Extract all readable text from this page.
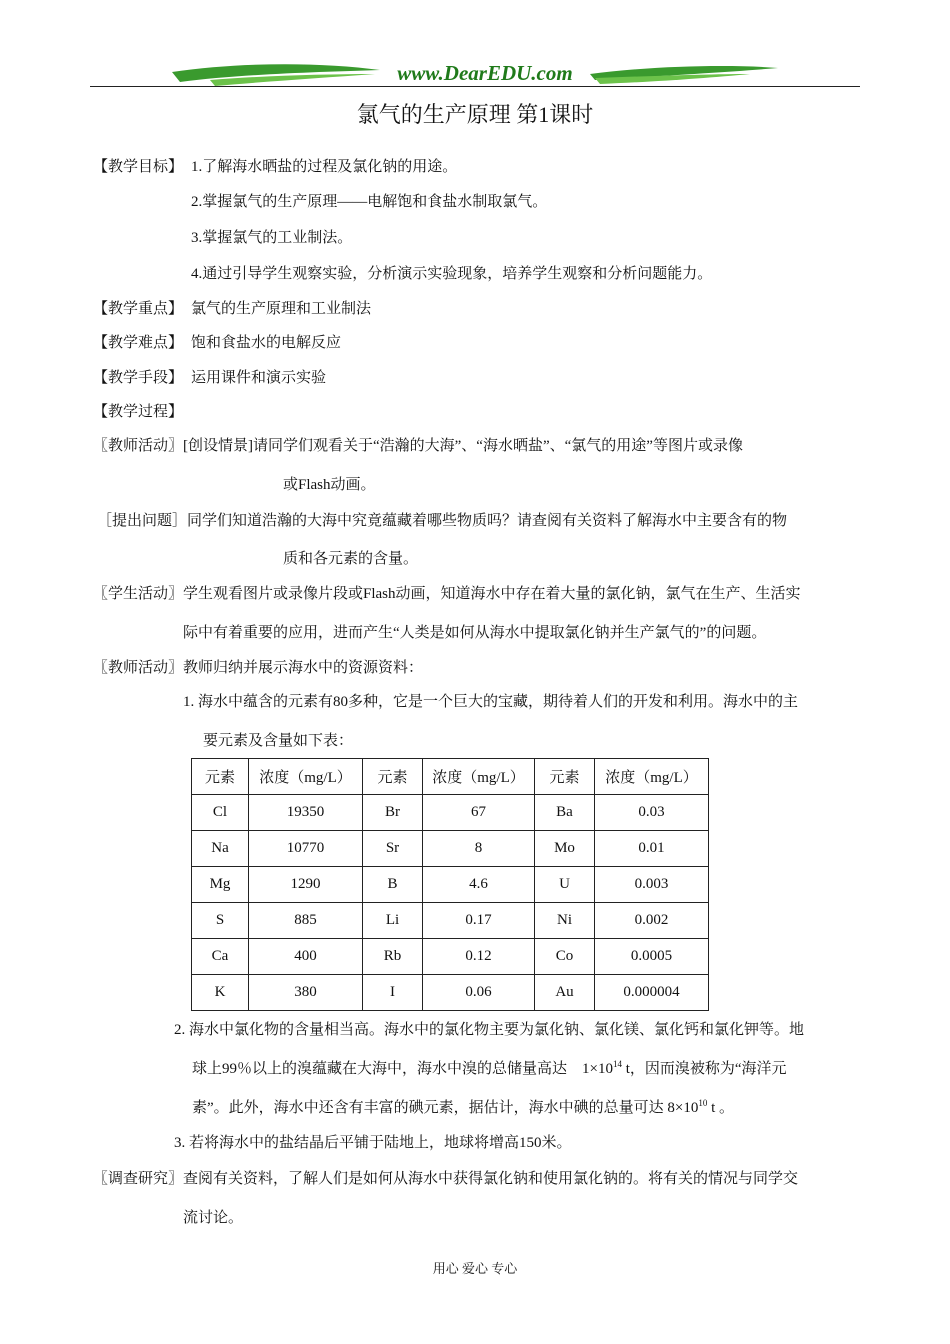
www.DearEDU.com
氯气的生产原理 第1课时
【教学目标】 1.了解海水晒盐的过程及氯化钠的用途。
2.掌握氯气的生产原理——电解饱和食盐水制取氯气。
3.掌握氯气的工业制法。
4.通过引导学生观察实验，分析演示实验现象，培养学生观察和分析问题能力。
【教学重点】 氯气的生产原理和工业制法
【教学难点】 饱和食盐水的电解反应
【教学手段】 运用课件和演示实验
【教学过程】
〖教师活动〗[创设情景]请同学们观看关于“浩瀚的大海”、“海水晒盐”、“氯气的用途”等图片或录像
或Flash动画。
［提出问题］同学们知道浩瀚的大海中究竟蕴藏着哪些物质吗？请查阅有关资料了解海水中主要含有的物
质和各元素的含量。
〖学生活动〗学生观看图片或录像片段或Flash动画，知道海水中存在着大量的氯化钠，氯气在生产、生活实
际中有着重要的应用，进而产生“人类是如何从海水中提取氯化钠并生产氯气的”的问题。
〖教师活动〗教师归纳并展示海水中的资源资料：
1. 海水中蕴含的元素有80多种，它是一个巨大的宝藏，期待着人们的开发和利用。海水中的主
要元素及含量如下表：
元素	浓度（mg/L）	元素	浓度（mg/L）	元素	浓度（mg/L）
Cl	19350	Br	67	Ba	0.03
Na	10770	Sr	8	Mo	0.01
Mg	1290	B	4.6	U	0.003
S	885	Li	0.17	Ni	0.002
Ca	400	Rb	0.12	Co	0.0005
K	380	I	0.06	Au	0.000004
2. 海水中氯化物的含量相当高。海水中的氯化物主要为氯化钠、氯化镁、氯化钙和氯化钾等。地
球上99％以上的溴蕴藏在大海中，海水中溴的总储量高达　$1\times 10^{14}$ t，因而溴被称为“海洋元
素”。此外，海水中还含有丰富的碘元素，据估计，海水中碘的总量可达 $8\times 10^{10}$ t 。
3. 若将海水中的盐结晶后平铺于陆地上，地球将增高150米。
〖调查研究〗查阅有关资料，了解人们是如何从海水中获得氯化钠和使用氯化钠的。将有关的情况与同学交
流讨论。
用心 爱心 专心
